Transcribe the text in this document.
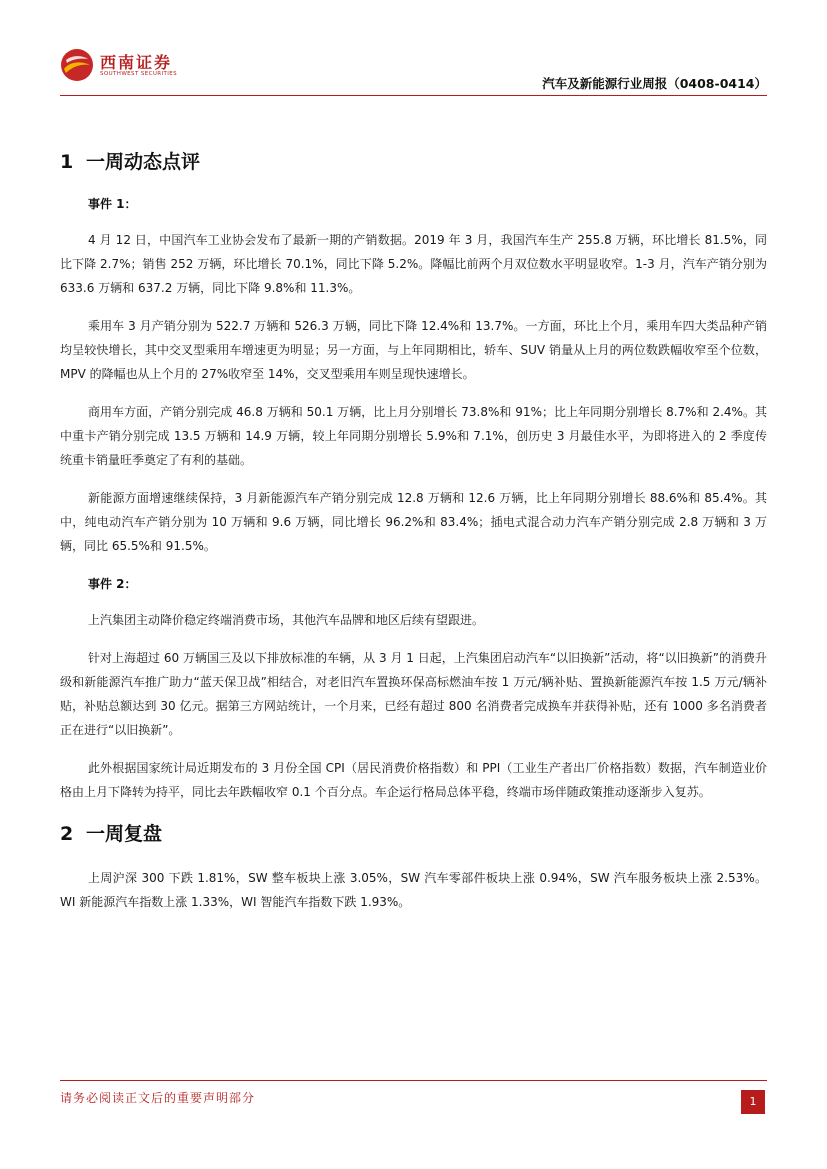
西南证券
SOUTHWEST SECURITIES
汽车及新能源行业周报（0408-0414）
1 一周动态点评
事件 1：

4 月 12 日，中国汽车工业协会发布了最新一期的产销数据。2019 年 3 月，我国汽车生产 255.8 万辆，环比增长 81.5%，同比下降 2.7%；销售 252 万辆，环比增长 70.1%，同比下降 5.2%。降幅比前两个月双位数水平明显收窄。1-3 月，汽车产销分别为 633.6 万辆和 637.2 万辆，同比下降 9.8%和 11.3%。

乘用车 3 月产销分别为 522.7 万辆和 526.3 万辆，同比下降 12.4%和 13.7%。一方面，环比上个月，乘用车四大类品种产销均呈较快增长，其中交叉型乘用车增速更为明显；另一方面，与上年同期相比，轿车、SUV 销量从上月的两位数跌幅收窄至个位数，MPV 的降幅也从上个月的 27%收窄至 14%，交叉型乘用车则呈现快速增长。

商用车方面，产销分别完成 46.8 万辆和 50.1 万辆，比上月分别增长 73.8%和 91%；比上年同期分别增长 8.7%和 2.4%。其中重卡产销分别完成 13.5 万辆和 14.9 万辆，较上年同期分别增长 5.9%和 7.1%，创历史 3 月最佳水平，为即将进入的 2 季度传统重卡销量旺季奠定了有利的基础。

新能源方面增速继续保持，3 月新能源汽车产销分别完成 12.8 万辆和 12.6 万辆，比上年同期分别增长 88.6%和 85.4%。其中，纯电动汽车产销分别为 10 万辆和 9.6 万辆，同比增长 96.2%和 83.4%；插电式混合动力汽车产销分别完成 2.8 万辆和 3 万辆，同比 65.5%和 91.5%。

事件 2：

上汽集团主动降价稳定终端消费市场，其他汽车品牌和地区后续有望跟进。

针对上海超过 60 万辆国三及以下排放标准的车辆，从 3 月 1 日起，上汽集团启动汽车“以旧换新”活动，将“以旧换新”的消费升级和新能源汽车推广助力“蓝天保卫战”相结合，对老旧汽车置换环保高标燃油车按 1 万元/辆补贴、置换新能源汽车按 1.5 万元/辆补贴，补贴总额达到 30 亿元。据第三方网站统计，一个月来，已经有超过 800 名消费者完成换车并获得补贴，还有 1000 多名消费者正在进行“以旧换新”。

此外根据国家统计局近期发布的 3 月份全国 CPI（居民消费价格指数）和 PPI（工业生产者出厂价格指数）数据，汽车制造业价格由上月下降转为持平，同比去年跌幅收窄 0.1 个百分点。车企运行格局总体平稳，终端市场伴随政策推动逐渐步入复苏。

2 一周复盘

上周沪深 300 下跌 1.81%，SW 整车板块上涨 3.05%，SW 汽车零部件板块上涨 0.94%，SW 汽车服务板块上涨 2.53%。WI 新能源汽车指数上涨 1.33%，WI 智能汽车指数下跌 1.93%。

请务必阅读正文后的重要声明部分	1
